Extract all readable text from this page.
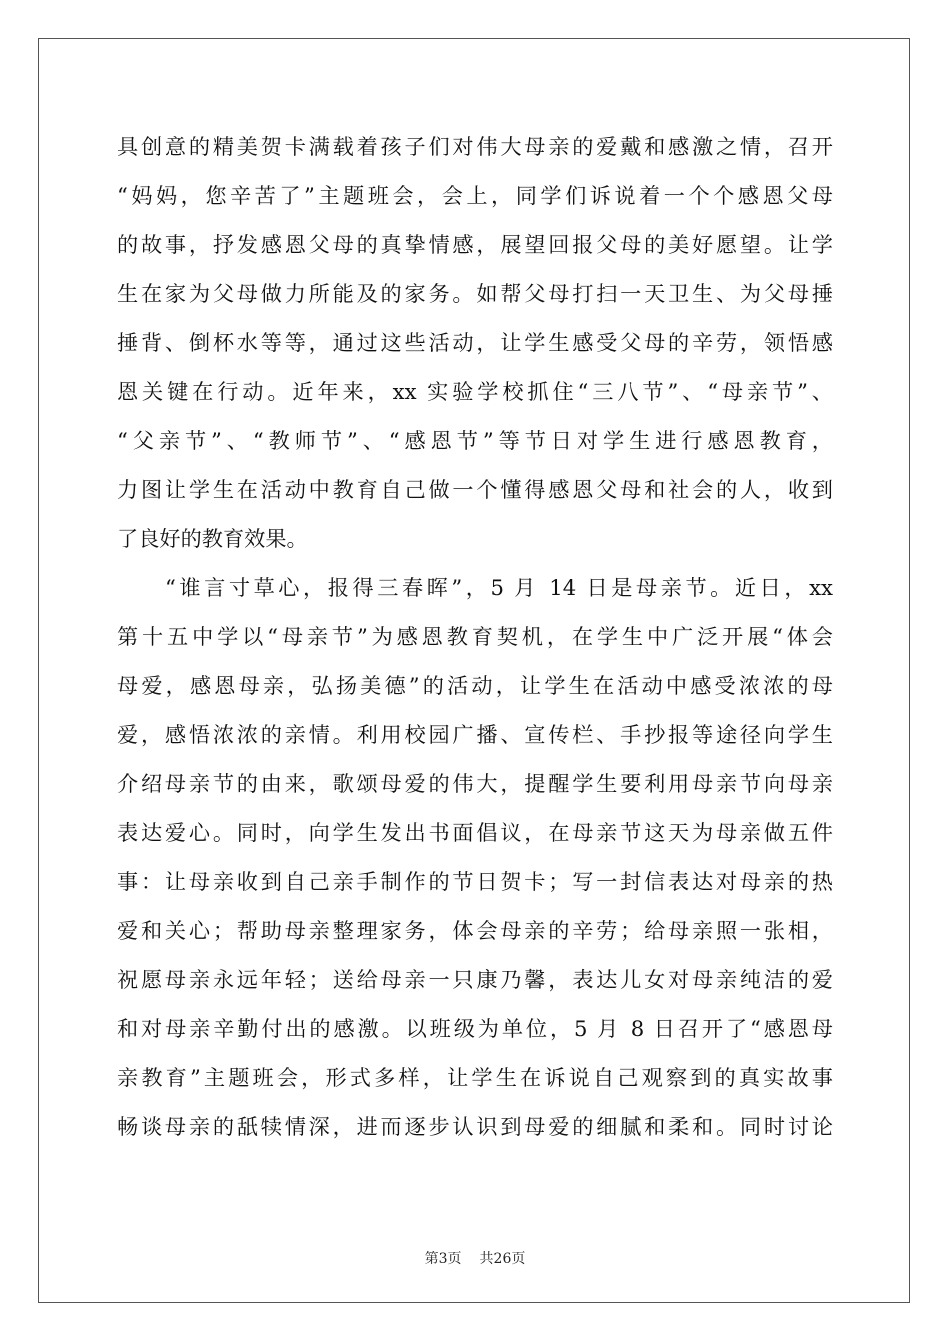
具创意的精美贺卡满载着孩子们对伟大母亲的爱戴和感激之情，召开
“妈妈，您辛苦了”主题班会，会上，同学们诉说着一个个感恩父母
的故事，抒发感恩父母的真挚情感，展望回报父母的美好愿望。让学
生在家为父母做力所能及的家务。如帮父母打扫一天卫生、为父母捶
捶背、倒杯水等等，通过这些活动，让学生感受父母的辛劳，领悟感
恩关键在行动。近年来，xx 实验学校抓住“三八节”、“母亲节”、
“父亲节”、“教师节”、“感恩节”等节日对学生进行感恩教育，
力图让学生在活动中教育自己做一个懂得感恩父母和社会的人，收到
了良好的教育效果。
“谁言寸草心，报得三春晖”，5 月 14 日是母亲节。近日，xx
第十五中学以“母亲节”为感恩教育契机，在学生中广泛开展“体会
母爱，感恩母亲，弘扬美德”的活动，让学生在活动中感受浓浓的母
爱，感悟浓浓的亲情。利用校园广播、宣传栏、手抄报等途径向学生
介绍母亲节的由来，歌颂母爱的伟大，提醒学生要利用母亲节向母亲
表达爱心。同时，向学生发出书面倡议，在母亲节这天为母亲做五件
事：让母亲收到自己亲手制作的节日贺卡；写一封信表达对母亲的热
爱和关心；帮助母亲整理家务，体会母亲的辛劳；给母亲照一张相，
祝愿母亲永远年轻；送给母亲一只康乃馨，表达儿女对母亲纯洁的爱
和对母亲辛勤付出的感激。以班级为单位，5 月 8 日召开了“感恩母
亲教育”主题班会，形式多样，让学生在诉说自己观察到的真实故事
畅谈母亲的舐犊情深，进而逐步认识到母爱的细腻和柔和。同时讨论
第3页 共26页
